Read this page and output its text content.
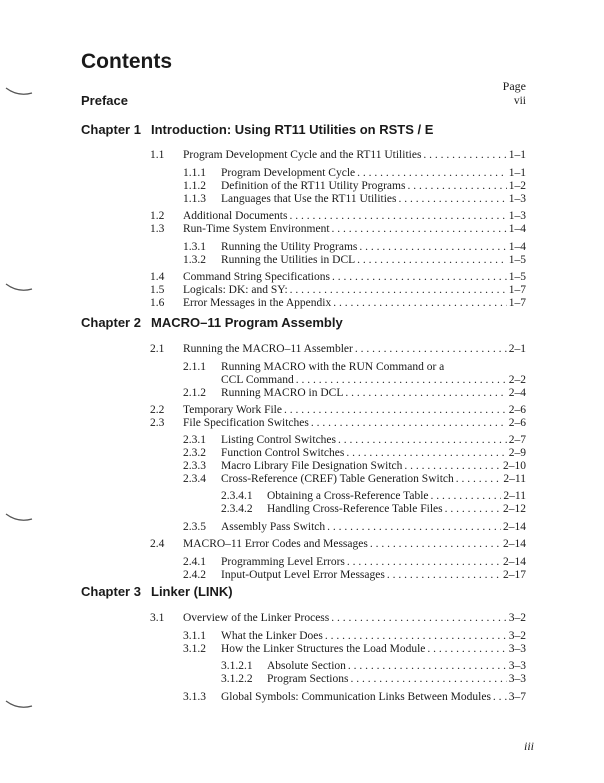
Contents
Page
Preface	vii
Chapter 1 Introduction: Using RT11 Utilities on RSTS / E
Chapter 2 MACRO–11 Program Assembly
Chapter 3 Linker (LINK)
1.1 Program Development Cycle and the RT11 Utilities . . .	1–1
1.1.1 Program Development Cycle . . .	1–1
1.1.2 Definition of the RT11 Utility Programs . . .	1–2
1.1.3 Languages that Use the RT11 Utilities . . .	1–3
1.2 Additional Documents . . .	1–3
1.3 Run-Time System Environment . . .	1–4
1.3.1 Running the Utility Programs . . .	1–4
1.3.2 Running the Utilities in DCL . . .	1–5
1.4 Command String Specifications . . .	1–5
1.5 Logicals: DK: and SY: . . .	1–7
1.6 Error Messages in the Appendix . . .	1–7
2.1 Running the MACRO–11 Assembler . . .	2–1
2.1.1 Running MACRO with the RUN Command or a
CCL Command . . .	2–2
2.1.2 Running MACRO in DCL . . .	2–4
2.2 Temporary Work File . . .	2–6
2.3 File Specification Switches . . .	2–6
2.3.1 Listing Control Switches . . .	2–7
2.3.2 Function Control Switches . . .	2–9
2.3.3 Macro Library File Designation Switch . . .	2–10
2.3.4 Cross-Reference (CREF) Table Generation Switch . . .	2–11
2.3.4.1 Obtaining a Cross-Reference Table . . .	2–11
2.3.4.2 Handling Cross-Reference Table Files . . .	2–12
2.3.5 Assembly Pass Switch . . .	2–14
2.4 MACRO–11 Error Codes and Messages . . .	2–14
2.4.1 Programming Level Errors . . .	2–14
2.4.2 Input-Output Level Error Messages . . .	2–17
3.1 Overview of the Linker Process . . .	3–2
3.1.1 What the Linker Does . . .	3–2
3.1.2 How the Linker Structures the Load Module . . .	3–3
3.1.2.1 Absolute Section . . .	3–3
3.1.2.2 Program Sections . . .	3–3
3.1.3 Global Symbols: Communication Links Between Modules . . . 3–7
iii
